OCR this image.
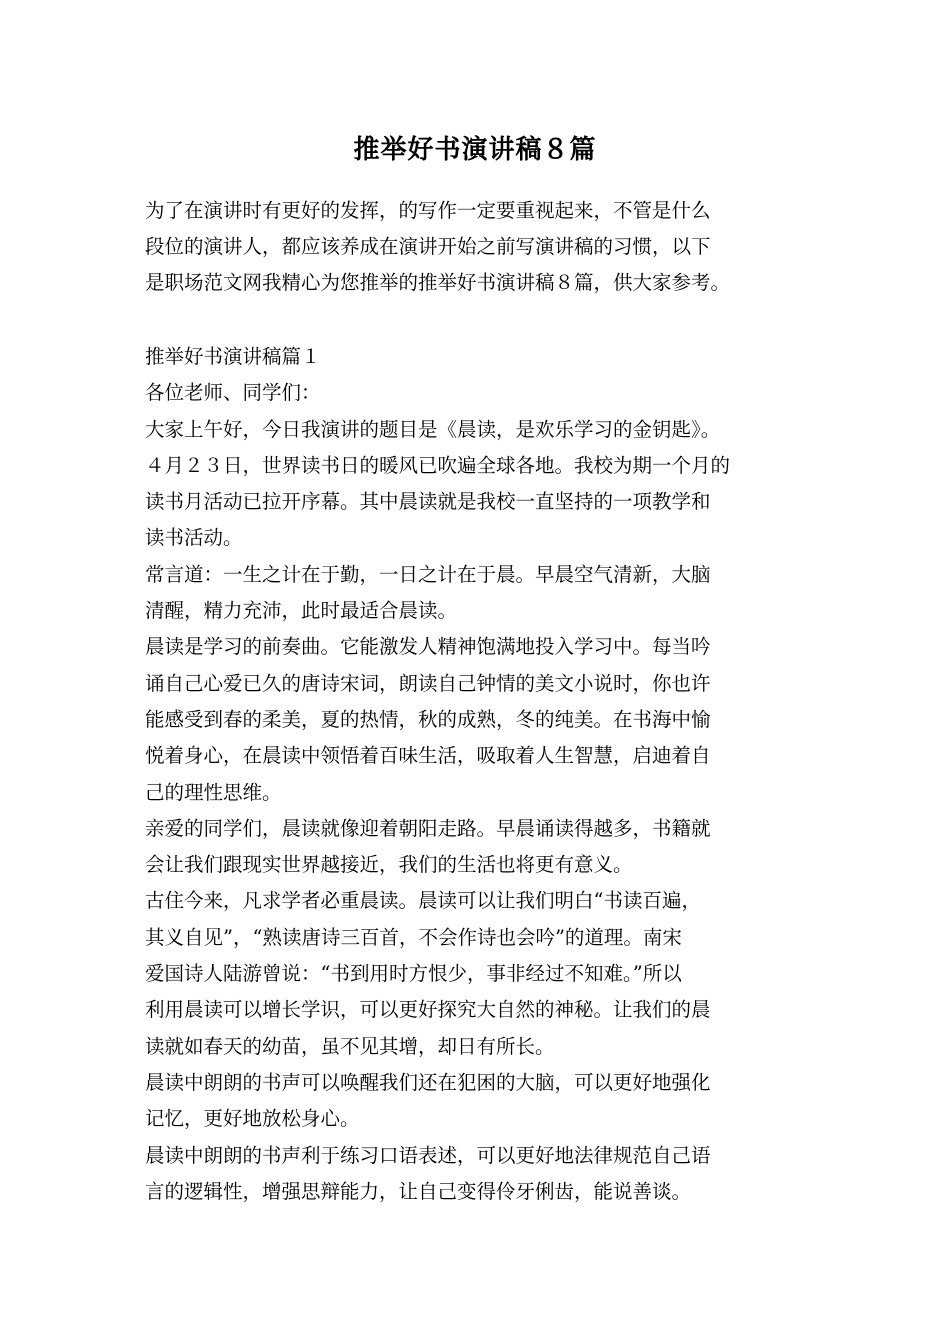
推举好书演讲稿８篇

为了在演讲时有更好的发挥，的写作一定要重视起来，不管是什么
段位的演讲人，都应该养成在演讲开始之前写演讲稿的习惯，以下
是职场范文网我精心为您推举的推举好书演讲稿８篇，供大家参考。

推举好书演讲稿篇１
各位老师、同学们：
大家上午好，今日我演讲的题目是《晨读，是欢乐学习的金钥匙》。
４月２３日，世界读书日的暖风已吹遍全球各地。我校为期一个月的
读书月活动已拉开序幕。其中晨读就是我校一直坚持的一项教学和
读书活动。
常言道：一生之计在于勤，一日之计在于晨。早晨空气清新，大脑
清醒，精力充沛，此时最适合晨读。
晨读是学习的前奏曲。它能激发人精神饱满地投入学习中。每当吟
诵自己心爱已久的唐诗宋词，朗读自己钟情的美文小说时，你也许
能感受到春的柔美，夏的热情，秋的成熟，冬的纯美。在书海中愉
悦着身心，在晨读中领悟着百味生活，吸取着人生智慧，启迪着自
己的理性思维。
亲爱的同学们，晨读就像迎着朝阳走路。早晨诵读得越多，书籍就
会让我们跟现实世界越接近，我们的生活也将更有意义。
古住今来，凡求学者必重晨读。晨读可以让我们明白“书读百遍，
其义自见”，“熟读唐诗三百首，不会作诗也会吟”的道理。南宋
爱国诗人陆游曾说：“书到用时方恨少，事非经过不知难。”所以
利用晨读可以增长学识，可以更好探究大自然的神秘。让我们的晨
读就如春天的幼苗，虽不见其增，却日有所长。
晨读中朗朗的书声可以唤醒我们还在犯困的大脑，可以更好地强化
记忆，更好地放松身心。
晨读中朗朗的书声利于练习口语表述，可以更好地法律规范自己语
言的逻辑性，增强思辩能力，让自己变得伶牙俐齿，能说善谈。
